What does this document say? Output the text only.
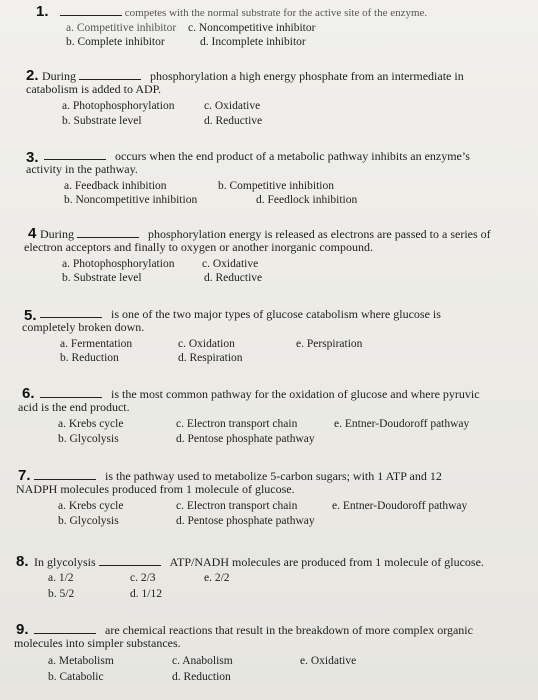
1.	competes with the normal substrate for the active site of the enzyme.
a. Competitive inhibitor c. Noncompetitive inhibitor
b. Complete inhibitor	d. Incomplete inhibitor
2. During	phosphorylation a high energy phosphate from an intermediate in
catabolism is added to ADP.
a. Photophosphorylation	c. Oxidative
b. Substrate level	d. Reductive
3.	occurs when the end product of a metabolic pathway inhibits an enzyme’s
activity in the pathway.
a. Feedback inhibition	b. Competitive inhibition
b. Noncompetitive inhibition	d. Feedlock inhibition
4 During	phosphorylation energy is released as electrons are passed to a series of
electron acceptors and finally to oxygen or another inorganic compound.
a. Photophosphorylation c. Oxidative
b. Substrate level	d. Reductive
5.	is one of the two major types of glucose catabolism where glucose is
completely broken down.
a. Fermentation	c. Oxidation	e. Perspiration
b. Reduction	d. Respiration
6.	is the most common pathway for the oxidation of glucose and where pyruvic
acid is the end product.
a. Krebs cycle	c. Electron transport chain	e. Entner-Doudoroff pathway
b. Glycolysis	d. Pentose phosphate pathway
7.	is the pathway used to metabolize 5-carbon sugars; with 1 ATP and 12
NADPH molecules produced from 1 molecule of glucose.
a. Krebs cycle	c. Electron transport chain	e. Entner-Doudoroff pathway
b. Glycolysis	d. Pentose phosphate pathway
8. In glycolysis	ATP/NADH molecules are produced from 1 molecule of glucose.
a. 1/2	c. 2/3	e. 2/2
b. 5/2	d. 1/12
9.	are chemical reactions that result in the breakdown of more complex organic
molecules into simpler substances.
a. Metabolism	c. Anabolism	e. Oxidative
b. Catabolic	d. Reduction
